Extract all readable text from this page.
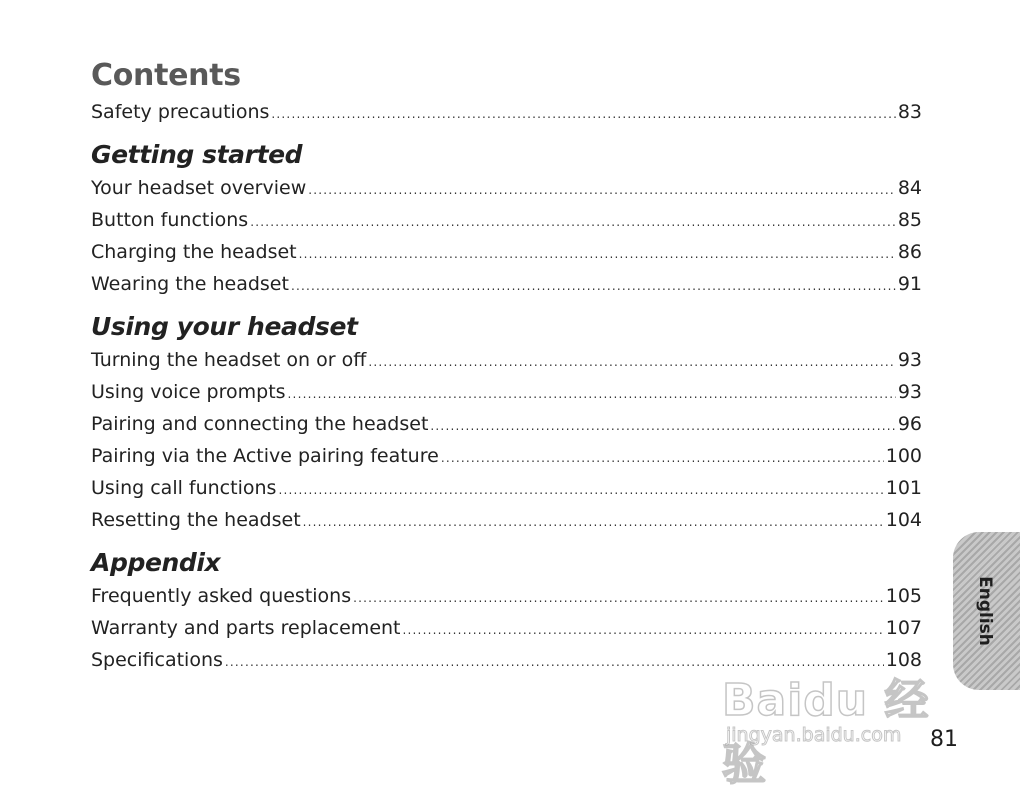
Contents
Safety precautions .....	83
Getting started
Your headset overview .....	84
Button functions .....	85
Charging the headset .....	86
Wearing the headset .....	91
Using your headset
Turning the headset on or off .....	93
Using voice prompts .....	93
Pairing and connecting the headset .....	96
Pairing via the Active pairing feature .....	100
Using call functions .....	101
Resetting the headset .....	104
Appendix
Frequently asked questions .....	105
Warranty and parts replacement .....	107
Specifications .....	108
English
Baidu 经验
jingyan.baidu.com 81
